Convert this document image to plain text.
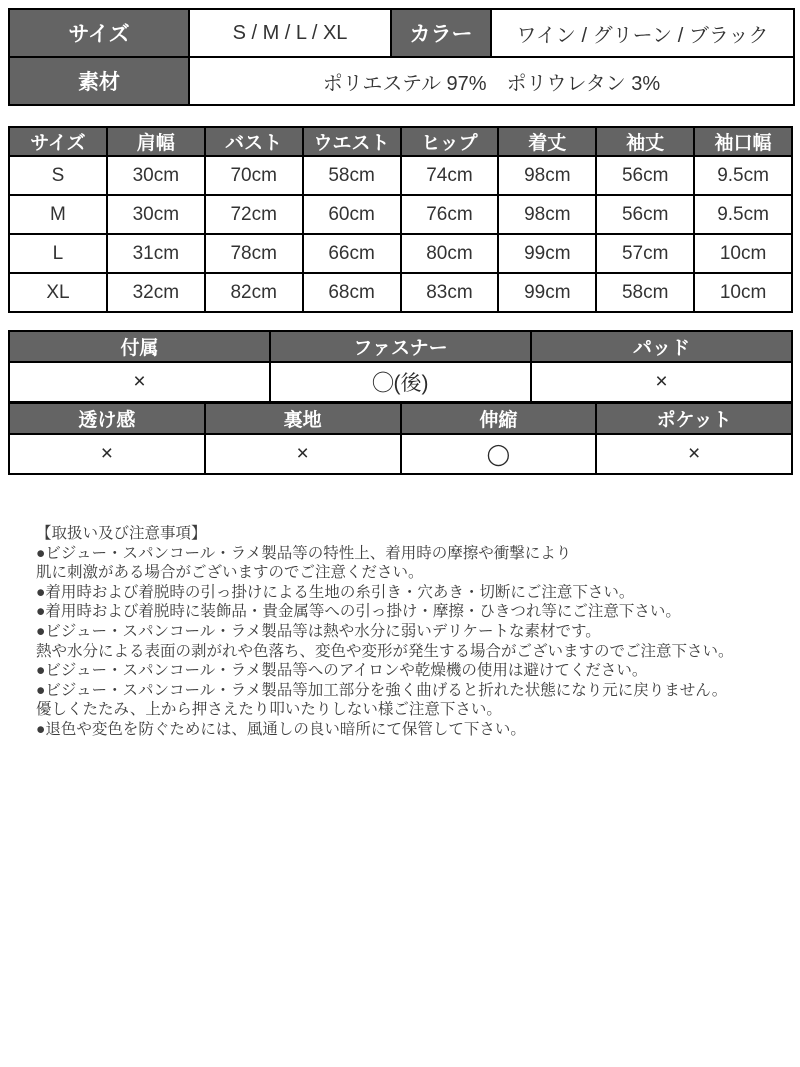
サイズ	S / M / L / XL	カラー	ワイン / グリーン / ブラック
素材	ポリエステル 97%　ポリウレタン 3%		
サイズ	肩幅	バスト	ウエスト	ヒップ	着丈	袖丈	袖口幅
S	30cm	70cm	58cm	74cm	98cm	56cm	9.5cm
M	30cm	72cm	60cm	76cm	98cm	56cm	9.5cm
L	31cm	78cm	66cm	80cm	99cm	57cm	10cm
XL	32cm	82cm	68cm	83cm	99cm	58cm	10cm
付属	ファスナー	パッド
×	◯(後)	×
透け感	裏地	伸縮	ポケット
×	×	◯	×
【取扱い及び注意事項】
●ビジュー・スパンコール・ラメ製品等の特性上、着用時の摩擦や衝撃により
肌に刺激がある場合がございますのでご注意ください。
●着用時および着脱時の引っ掛けによる生地の糸引き・穴あき・切断にご注意下さい。
●着用時および着脱時に装飾品・貴金属等への引っ掛け・摩擦・ひきつれ等にご注意下さい。
●ビジュー・スパンコール・ラメ製品等は熱や水分に弱いデリケートな素材です。
熱や水分による表面の剥がれや色落ち、変色や変形が発生する場合がございますのでご注意下さい。
●ビジュー・スパンコール・ラメ製品等へのアイロンや乾燥機の使用は避けてください。
●ビジュー・スパンコール・ラメ製品等加工部分を強く曲げると折れた状態になり元に戻りません。
優しくたたみ、上から押さえたり叩いたりしない様ご注意下さい。
●退色や変色を防ぐためには、風通しの良い暗所にて保管して下さい。
